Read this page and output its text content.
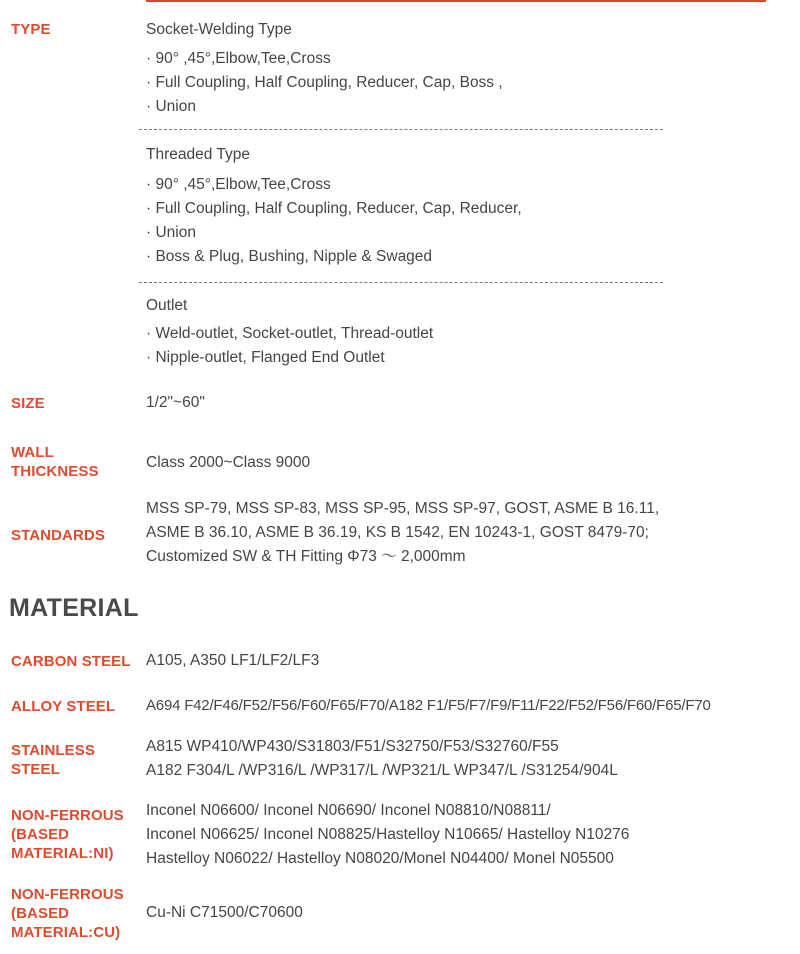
TYPE	Socket-Welding Type
· 90° ,45°,Elbow,Tee,Cross
· Full Coupling, Half Coupling, Reducer, Cap, Boss ,
· Union
Threaded Type
· 90° ,45°,Elbow,Tee,Cross
· Full Coupling, Half Coupling, Reducer, Cap, Reducer,
· Union
· Boss & Plug, Bushing, Nipple & Swaged
Outlet
· Weld-outlet, Socket-outlet, Thread-outlet
· Nipple-outlet, Flanged End Outlet
SIZE	1/2"~60"
WALL
THICKNESS
Class 2000~Class 9000
STANDARDS
MSS SP-79, MSS SP-83, MSS SP-95, MSS SP-97, GOST, ASME B 16.11,
ASME B 36.10, ASME B 36.19, KS B 1542, EN 10243-1, GOST 8479-70;
Customized SW & TH Fitting Φ73 ～ 2,000mm
MATERIAL
CARBON STEEL A105, A350 LF1/LF2/LF3
ALLOY STEEL A694 F42/F46/F52/F56/F60/F65/F70/A182 F1/F5/F7/F9/F11/F22/F52/F56/F60/F65/F70
STAINLESS
STEEL
A815 WP410/WP430/S31803/F51/S32750/F53/S32760/F55
A182 F304/L /WP316/L /WP317/L /WP321/L WP347/L /S31254/904L
NON-FERROUS
(BASED
MATERIAL:NI)
Inconel N06600/ Inconel N06690/ Inconel N08810/N08811/
Inconel N06625/ Inconel N08825/Hastelloy N10665/ Hastelloy N10276
Hastelloy N06022/ Hastelloy N08020/Monel N04400/ Monel N05500
NON-FERROUS
(BASED
MATERIAL:CU)
Cu-Ni C71500/C70600
